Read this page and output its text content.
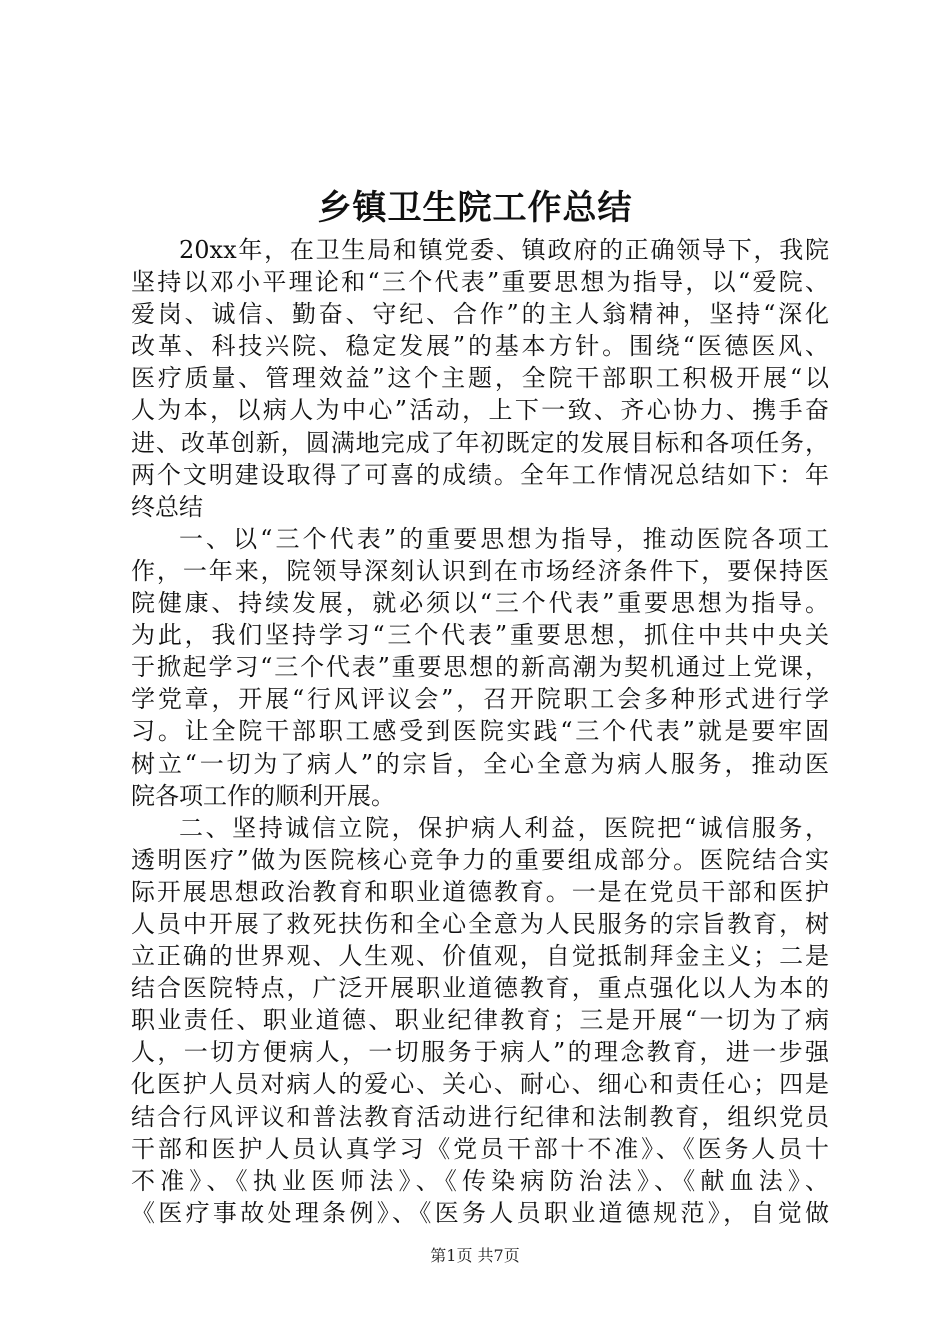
乡镇卫生院工作总结
20xx年，在卫生局和镇党委、镇政府的正确领导下，我院
坚持以邓小平理论和“三个代表”重要思想为指导，以“爱院、
爱岗、诚信、勤奋、守纪、合作”的主人翁精神，坚持“深化
改革、科技兴院、稳定发展”的基本方针。围绕“医德医风、
医疗质量、管理效益”这个主题，全院干部职工积极开展“以
人为本，以病人为中心”活动，上下一致、齐心协力、携手奋
进、改革创新，圆满地完成了年初既定的发展目标和各项任务，
两个文明建设取得了可喜的成绩。全年工作情况总结如下：年
终总结
一、以“三个代表”的重要思想为指导，推动医院各项工
作，一年来，院领导深刻认识到在市场经济条件下，要保持医
院健康、持续发展，就必须以“三个代表”重要思想为指导。
为此，我们坚持学习“三个代表”重要思想，抓住中共中央关
于掀起学习“三个代表”重要思想的新高潮为契机通过上党课，
学党章，开展“行风评议会”，召开院职工会多种形式进行学
习。让全院干部职工感受到医院实践“三个代表”就是要牢固
树立“一切为了病人”的宗旨，全心全意为病人服务，推动医
院各项工作的顺利开展。
二、坚持诚信立院，保护病人利益，医院把“诚信服务，
透明医疗”做为医院核心竞争力的重要组成部分。医院结合实
际开展思想政治教育和职业道德教育。一是在党员干部和医护
人员中开展了救死扶伤和全心全意为人民服务的宗旨教育，树
立正确的世界观、人生观、价值观，自觉抵制拜金主义；二是
结合医院特点，广泛开展职业道德教育，重点强化以人为本的
职业责任、职业道德、职业纪律教育；三是开展“一切为了病
人，一切方便病人，一切服务于病人”的理念教育，进一步强
化医护人员对病人的爱心、关心、耐心、细心和责任心；四是
结合行风评议和普法教育活动进行纪律和法制教育，组织党员
干部和医护人员认真学习《党员干部十不准》、《医务人员十
不准》、《执业医师法》、《传染病防治法》、《献血法》、
《医疗事故处理条例》、《医务人员职业道德规范》，自觉做
第1页 共7页
